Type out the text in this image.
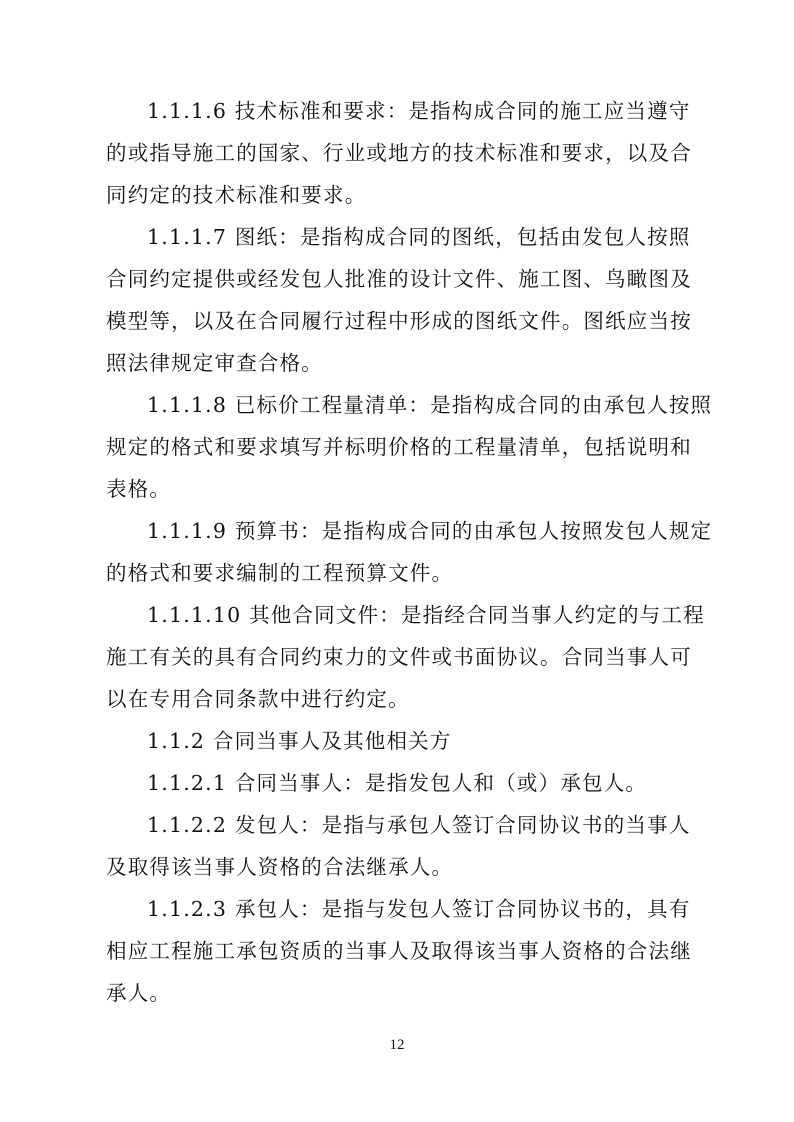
1.1.1.6 技术标准和要求：是指构成合同的施工应当遵守
的或指导施工的国家、行业或地方的技术标准和要求，以及合
同约定的技术标准和要求。

1.1.1.7 图纸：是指构成合同的图纸，包括由发包人按照
合同约定提供或经发包人批准的设计文件、施工图、鸟瞰图及
模型等，以及在合同履行过程中形成的图纸文件。图纸应当按
照法律规定审查合格。

1.1.1.8 已标价工程量清单：是指构成合同的由承包人按照
规定的格式和要求填写并标明价格的工程量清单，包括说明和
表格。

1.1.1.9 预算书：是指构成合同的由承包人按照发包人规定
的格式和要求编制的工程预算文件。

1.1.1.10 其他合同文件：是指经合同当事人约定的与工程
施工有关的具有合同约束力的文件或书面协议。合同当事人可
以在专用合同条款中进行约定。

1.1.2 合同当事人及其他相关方

1.1.2.1 合同当事人：是指发包人和（或）承包人。

1.1.2.2 发包人：是指与承包人签订合同协议书的当事人
及取得该当事人资格的合法继承人。

1.1.2.3 承包人：是指与发包人签订合同协议书的，具有
相应工程施工承包资质的当事人及取得该当事人资格的合法继
承人。

12
